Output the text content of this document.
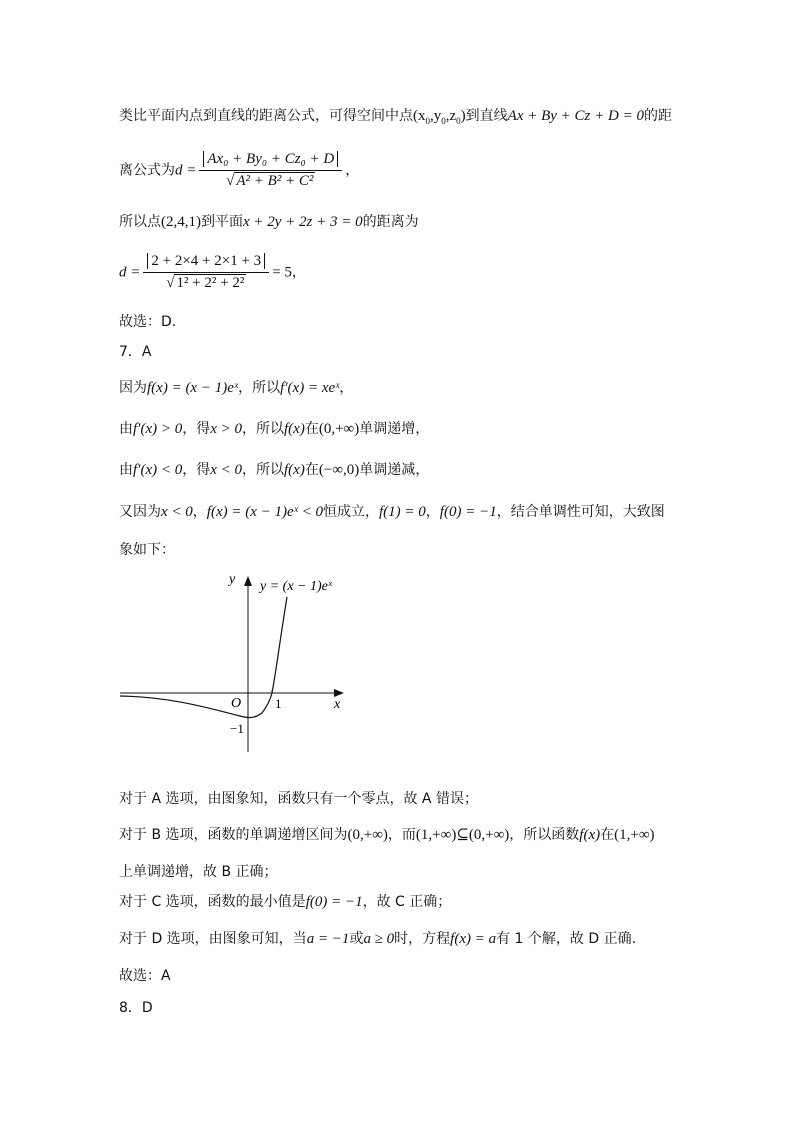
类比平面内点到直线的距离公式，可得空间中点$(x_0,y_0,z_0)$到直线Ax + By + Cz + D = 0的距
离公式为$d = \frac{\text{Ax₀ + By₀ + Cz₀ + D}}{\text{√ A² + B² + C²}}$ ，
所以点(2,4,1)到平面x + 2y + 2z + 3 = 0的距离为
$d = \frac{2 + 2\times 4 + 2\times 1 + 3}{\text{√ 1² + 2² + 2²}} = 5$，
故选：D.
7．A
因为f(x) = (x − 1)eˣ，所以f′(x) = xeˣ，
由f′(x) > 0，得x > 0，所以f(x)在(0,+∞)单调递增，
由f′(x) < 0，得x < 0，所以f(x)在(−∞,0)单调递减，
又因为x < 0，f(x) = (x − 1)eˣ < 0恒成立，f(1) = 0，f(0) = −1，结合单调性可知，大致图
象如下：
y
x
O	1
−1
y = (x − 1)eˣ
对于 A 选项，由图象知，函数只有一个零点，故 A 错误；
对于 B 选项，函数的单调递增区间为(0,+∞)，而(1,+∞)⊆(0,+∞)，所以函数f(x)在(1,+∞)
上单调递增，故 B 正确；
对于 C 选项，函数的最小值是f(0) = −1，故 C 正确；
对于 D 选项，由图象可知，当a = −1或a ≥ 0时，方程f(x) = a有 1 个解，故 D 正确.
故选：A
8．D
